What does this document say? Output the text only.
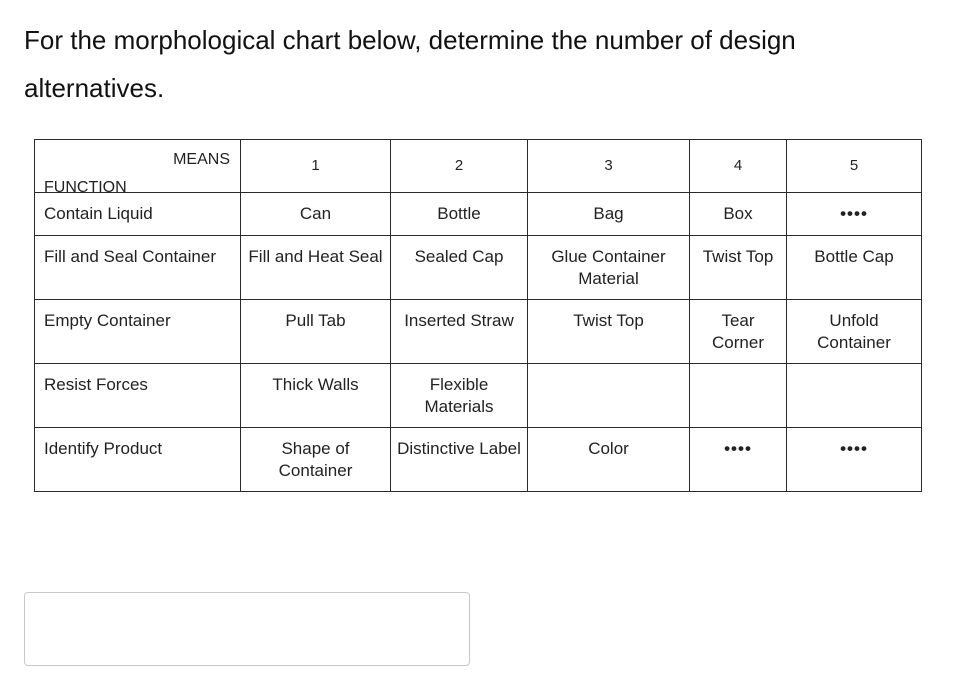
For the morphological chart below, determine the number of design alternatives.
MEANS
FUNCTION	1	2	3	4	5
Contain Liquid	Can	Bottle	Bag	Box	••••
Fill and Seal Container	Fill and Heat Seal	Sealed Cap	Glue Container Material	Twist Top	Bottle Cap
Empty Container	Pull Tab	Inserted Straw	Twist Top	Tear Corner	Unfold Container
Resist Forces	Thick Walls	Flexible Materials			
Identify Product	Shape of Container	Distinctive Label	Color	••••	••••
